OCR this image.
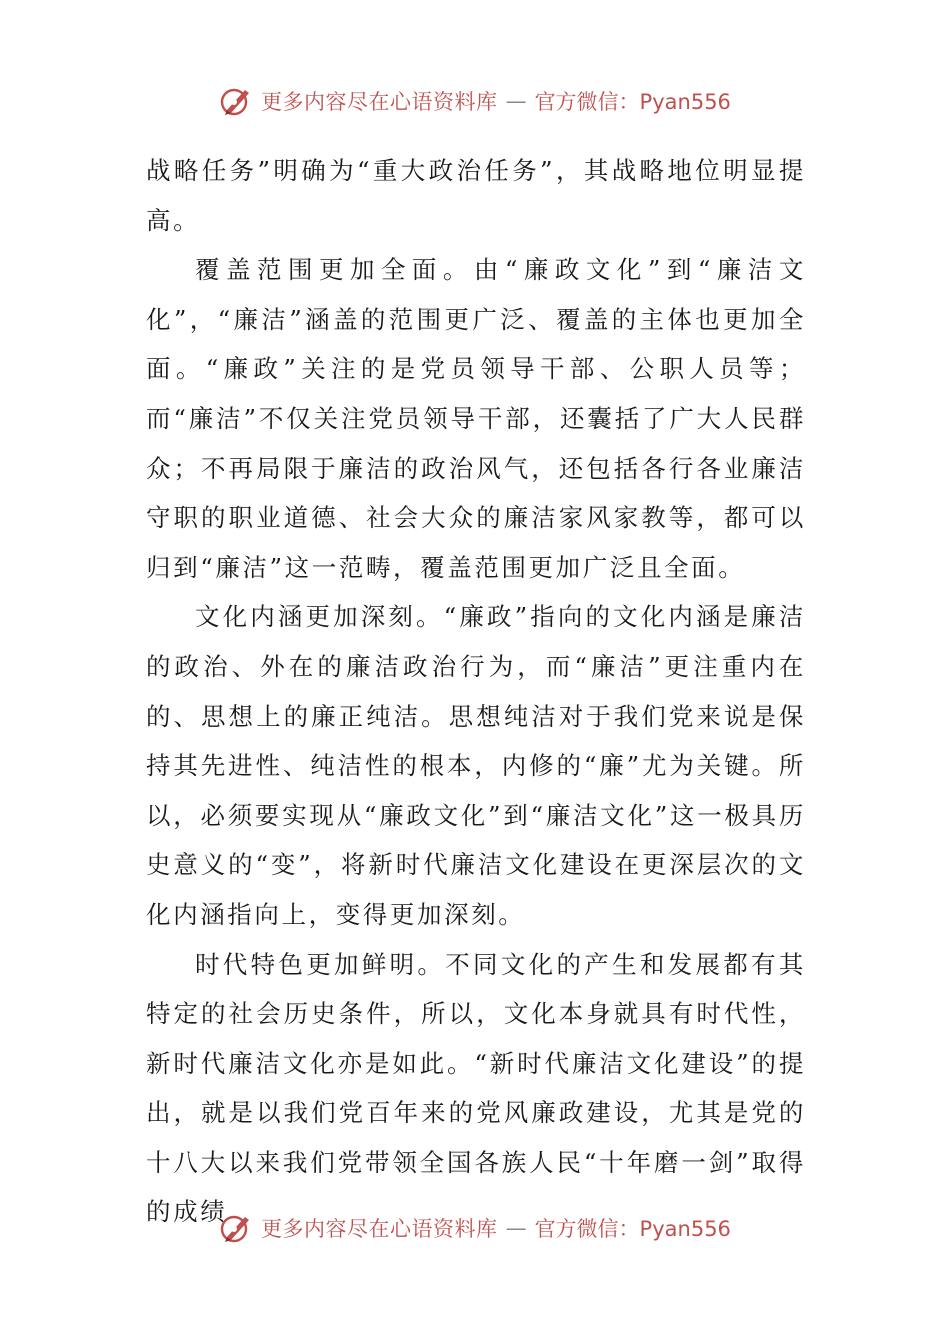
更多内容尽在心语资料库 — 官方微信：Pyan556

战略任务”明确为“重大政治任务”，其战略地位明显提高。

覆盖范围更加全面。由“廉政文化”到“廉洁文化”，“廉洁”涵盖的范围更广泛、覆盖的主体也更加全面。“廉政”关注的是党员领导干部、公职人员等；而“廉洁”不仅关注党员领导干部，还囊括了广大人民群众；不再局限于廉洁的政治风气，还包括各行各业廉洁守职的职业道德、社会大众的廉洁家风家教等，都可以归到“廉洁”这一范畴，覆盖范围更加广泛且全面。

文化内涵更加深刻。“廉政”指向的文化内涵是廉洁的政治、外在的廉洁政治行为，而“廉洁”更注重内在的、思想上的廉正纯洁。思想纯洁对于我们党来说是保持其先进性、纯洁性的根本，内修的“廉”尤为关键。所以，必须要实现从“廉政文化”到“廉洁文化”这一极具历史意义的“变”，将新时代廉洁文化建设在更深层次的文化内涵指向上，变得更加深刻。

时代特色更加鲜明。不同文化的产生和发展都有其特定的社会历史条件，所以，文化本身就具有时代性，新时代廉洁文化亦是如此。“新时代廉洁文化建设”的提出，就是以我们党百年来的党风廉政建设，尤其是党的十八大以来我们党带领全国各族人民“十年磨一剑”取得的成绩

更多内容尽在心语资料库 — 官方微信：Pyan556
